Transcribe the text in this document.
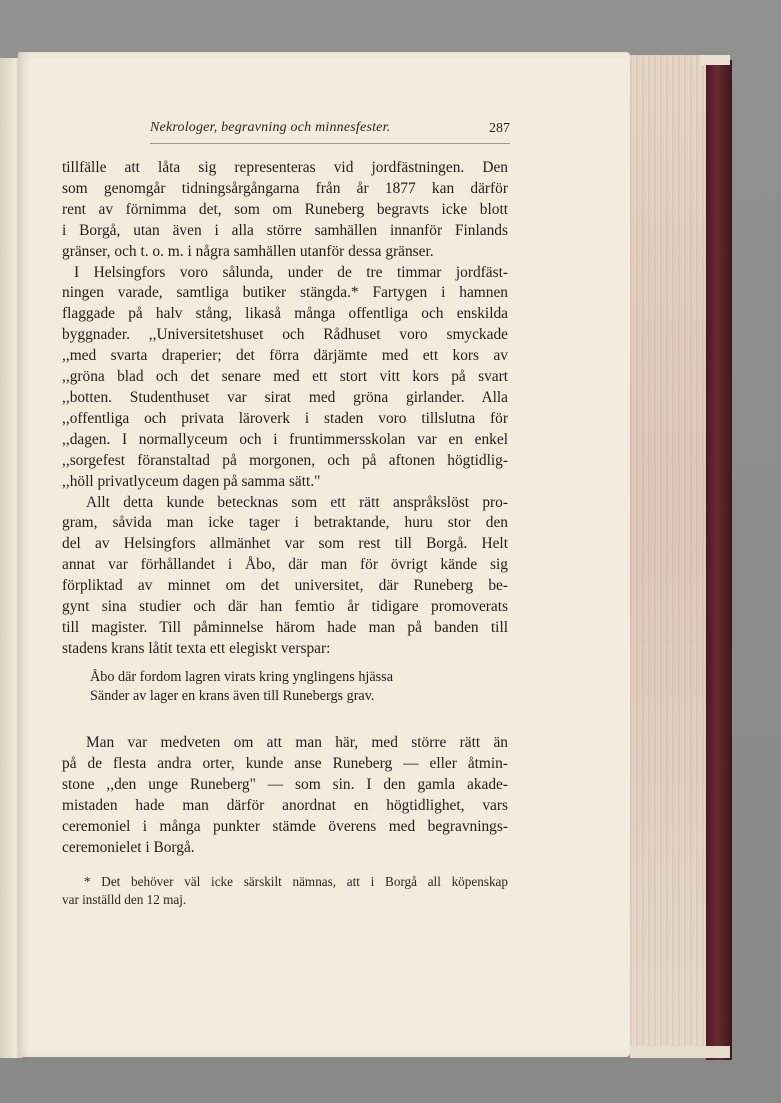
Nekrologer, begravning och minnesfester.	287

tillfälle att låta sig representeras vid jordfästningen. Den
som genomgår tidningsårgångarna från år 1877 kan därför
rent av förnimma det, som om Runeberg begravts icke blott
i Borgå, utan även i alla större samhällen innanför Finlands
gränser, och t. o. m. i några samhällen utanför dessa gränser.

I Helsingfors voro sålunda, under de tre timmar jordfäst-
ningen varade, samtliga butiker stängda.* Fartygen i hamnen
flaggade på halv stång, likaså många offentliga och enskilda
byggnader. ,,Universitetshuset och Rådhuset voro smyckade
,,med svarta draperier; det förra därjämte med ett kors av
,,gröna blad och det senare med ett stort vitt kors på svart
,,botten. Studenthuset var sirat med gröna girlander. Alla
,,offentliga och privata läroverk i staden voro tillslutna för
,,dagen. I normallyceum och i fruntimmersskolan var en enkel
,,sorgefest föranstaltad på morgonen, och på aftonen högtidlig-
,,höll privatlyceum dagen på samma sätt."

Allt detta kunde betecknas som ett rätt anspråkslöst pro-
gram, såvida man icke tager i betraktande, huru stor den
del av Helsingfors allmänhet var som rest till Borgå. Helt
annat var förhållandet i Åbo, där man för övrigt kände sig
förpliktad av minnet om det universitet, där Runeberg be-
gynt sina studier och där han femtio år tidigare promoverats
till magister. Till påminnelse härom hade man på banden till
stadens krans låtit texta ett elegiskt verspar:

Åbo där fordom lagren virats kring ynglingens hjässa
Sänder av lager en krans även till Runebergs grav.

Man var medveten om att man här, med större rätt än
på de flesta andra orter, kunde anse Runeberg — eller åtmin-
stone ,,den unge Runeberg" — som sin. I den gamla akade-
mistaden hade man därför anordnat en högtidlighet, vars
ceremoniel i många punkter stämde överens med begravnings-
ceremonielet i Borgå.

* Det behöver väl icke särskilt nämnas, att i Borgå all köpenskap
var inställd den 12 maj.
